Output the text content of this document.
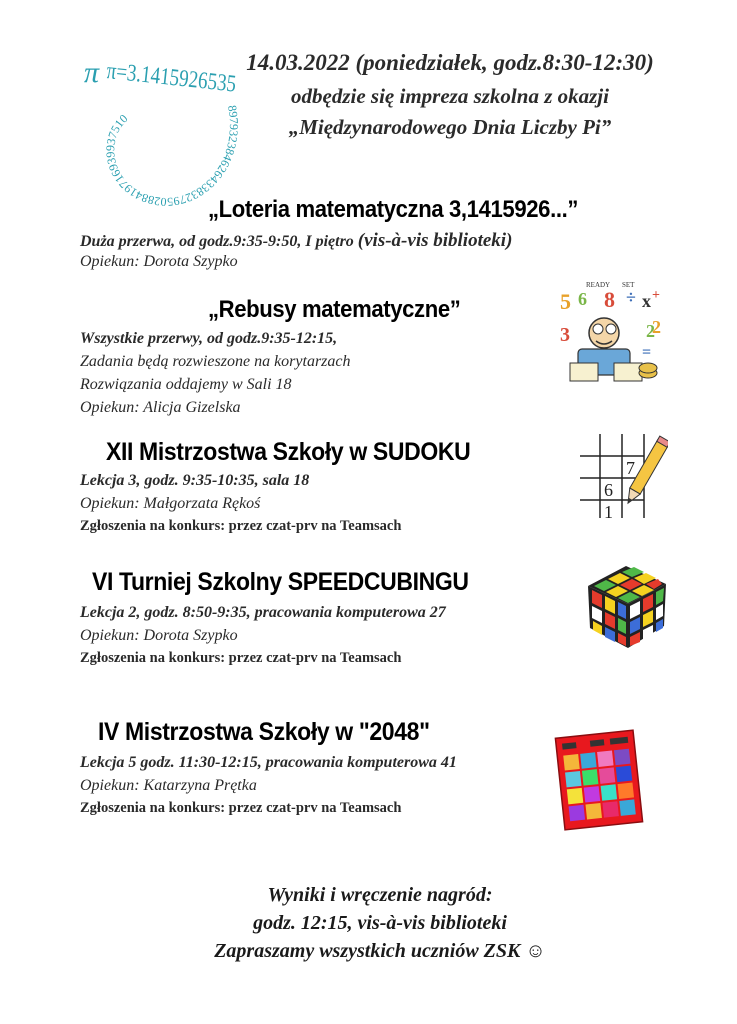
π π=3.1415926535
8979323846264338327950288419716939937510
14.03.2022 (poniedziałek, godz.8:30-12:30)
odbędzie się impreza szkolna z okazji
„Międzynarodowego Dnia Liczby Pi”
„Loteria matematyczna 3,1415926...”
Duża przerwa, od godz.9:35-9:50, I piętro (vis-à-vis biblioteki)
Opiekun: Dorota Szypko
„Rebusy matematyczne”
Wszystkie przerwy, od godz.9:35-12:15,
Zadania będą rozwieszone na korytarzach
Rozwiązania oddajemy w Sali 18
Opiekun: Alicja Gizelska
READY SET
5 6 8 ÷ x +
3	2
=
2
XII Mistrzostwa Szkoły w SUDOKU
Lekcja 3, godz. 9:35-10:35, sala 18
Opiekun: Małgorzata Rękoś
Zgłoszenia na konkurs: przez czat-prv na Teamsach
7
6
1
VI Turniej Szkolny SPEEDCUBINGU
Lekcja 2, godz. 8:50-9:35, pracowania komputerowa 27
Opiekun: Dorota Szypko
Zgłoszenia na konkurs: przez czat-prv na Teamsach
IV Mistrzostwa Szkoły w "2048"
Lekcja 5 godz. 11:30-12:15, pracowania komputerowa 41
Opiekun: Katarzyna Prętka
Zgłoszenia na konkurs: przez czat-prv na Teamsach
Wyniki i wręczenie nagród:
godz. 12:15, vis-à-vis biblioteki
Zapraszamy wszystkich uczniów ZSK ☺
